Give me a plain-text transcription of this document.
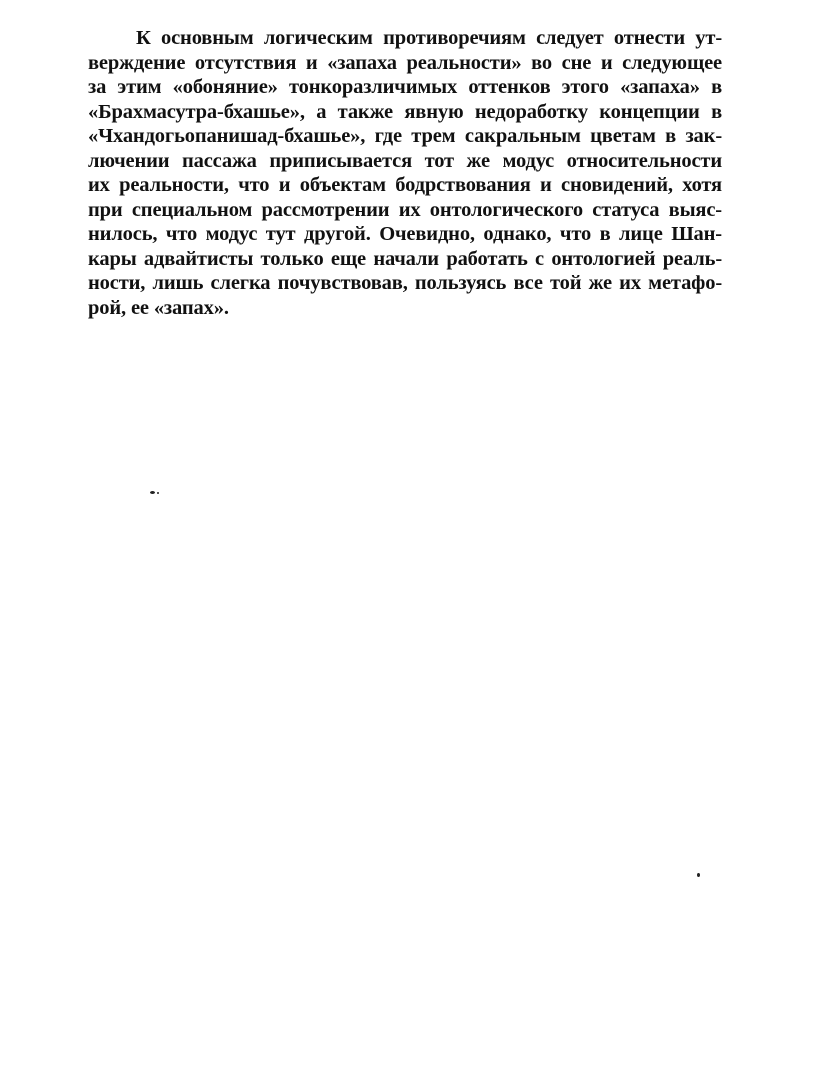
К основным логическим противоречиям следует отнести ут-
верждение отсутствия и «запаха реальности» во сне и следующее
за этим «обоняние» тонкоразличимых оттенков этого «запаха» в
«Брахмасутра-бхашье», а также явную недоработку концепции в
«Чхандогьопанишад-бхашье», где трем сакральным цветам в зак-
лючении пассажа приписывается тот же модус относительности
их реальности, что и объектам бодрствования и сновидений, хотя
при специальном рассмотрении их онтологического статуса выяс-
нилось, что модус тут другой. Очевидно, однако, что в лице Шан-
кары адвайтисты только еще начали работать с онтологией реаль-
ности, лишь слегка почувствовав, пользуясь все той же их метафо-
рой, ее «запах».
